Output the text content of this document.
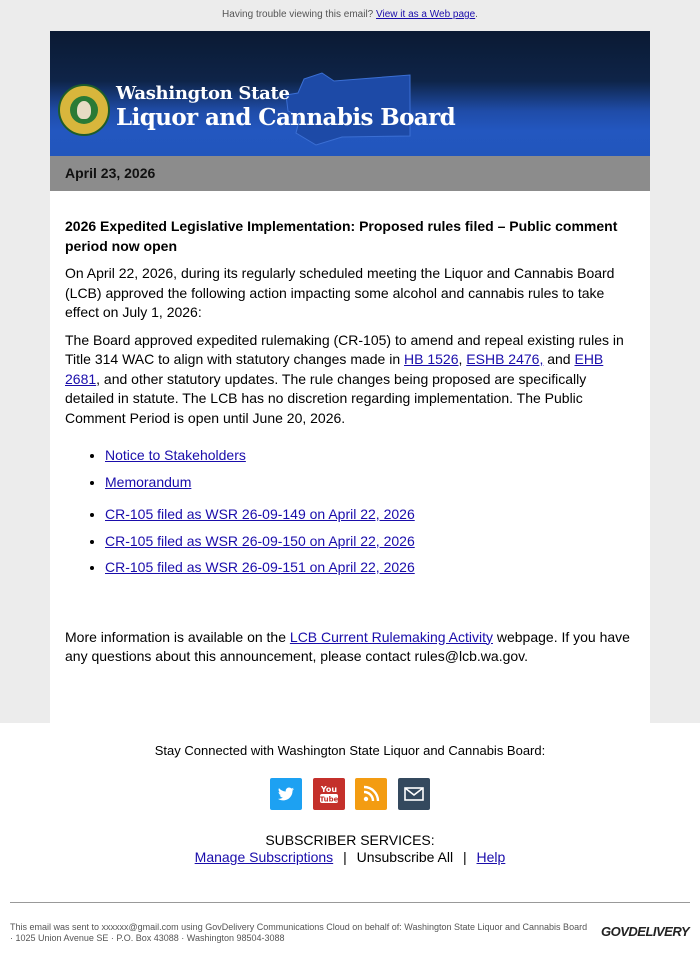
Having trouble viewing this email? View it as a Web page.
Washington State
Liquor and Cannabis Board
April 23, 2026

2026 Expedited Legislative Implementation: Proposed rules filed – Public comment period now open

On April 22, 2026, during its regularly scheduled meeting the Liquor and Cannabis Board (LCB) approved the following action impacting some alcohol and cannabis rules to take effect on July 1, 2026:

The Board approved expedited rulemaking (CR-105) to amend and repeal existing rules in Title 314 WAC to align with statutory changes made in HB 1526, ESHB 2476, and EHB 2681, and other statutory updates. The rule changes being proposed are specifically detailed in statute. The LCB has no discretion regarding implementation. The Public Comment Period is open until June 20, 2026.

• Notice to Stakeholders
• Memorandum
• CR-105 filed as WSR 26-09-149 on April 22, 2026
• CR-105 filed as WSR 26-09-150 on April 22, 2026
• CR-105 filed as WSR 26-09-151 on April 22, 2026

More information is available on the LCB Current Rulemaking Activity webpage. If you have any questions about this announcement, please contact rules@lcb.wa.gov.

Stay Connected with Washington State Liquor and Cannabis Board:

You
Tube

SUBSCRIBER SERVICES:
Manage Subscriptions | Unsubscribe All | Help
This email was sent to xxxxxx@gmail.com using GovDelivery Communications Cloud on behalf of: Washington State Liquor and Cannabis Board · 1025 Union Avenue SE · P.O. Box 43088 · Washington 98504-3088	GOVDELIVERY
